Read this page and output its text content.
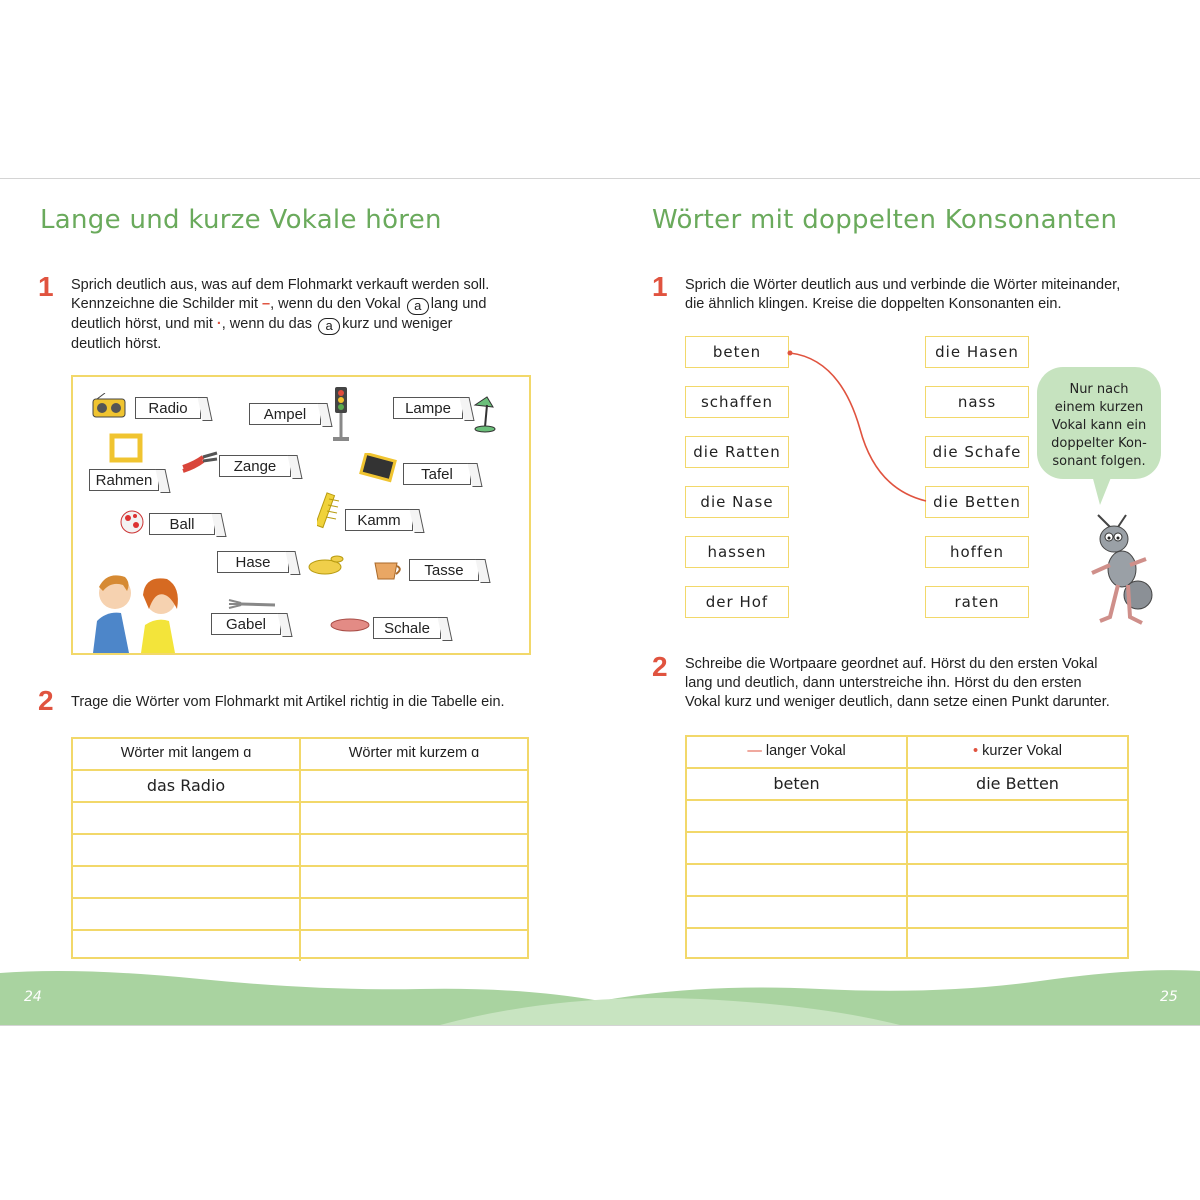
Lange und kurze Vokale hören
1 Sprich deutlich aus, was auf dem Flohmarkt verkauft werden soll.
Kennzeichne die Schilder mit –, wenn du den Vokal a lang und
deutlich hörst, und mit ·, wenn du das a kurz und weniger
deutlich hörst.
Radio	Ampel	Lampe
Rahmen
Zange	Tafel
Ball	Kamm
Hase	Tasse
Gabel	Schale
2 Trage die Wörter vom Flohmarkt mit Artikel richtig in die Tabelle ein.
Wörter mit langem ɑ	Wörter mit kurzem ɑ
das Radio
Wörter mit doppelten Konsonanten
1 Sprich die Wörter deutlich aus und verbinde die Wörter miteinander,
die ähnlich klingen. Kreise die doppelten Konsonanten ein.
beten
schaffen
die Ratten
die Nase
hassen
der Hof
die Hasen
nass
die Schafe
die Betten
hoffen
raten
Nur nach
einem kurzen
Vokal kann ein
doppelter Kon-
sonant folgen.
2 Schreibe die Wortpaare geordnet auf. Hörst du den ersten Vokal
lang und deutlich, dann unterstreiche ihn. Hörst du den ersten
Vokal kurz und weniger deutlich, dann setze einen Punkt darunter.
— langer Vokal	• kurzer Vokal
beten	die Betten
24	25
